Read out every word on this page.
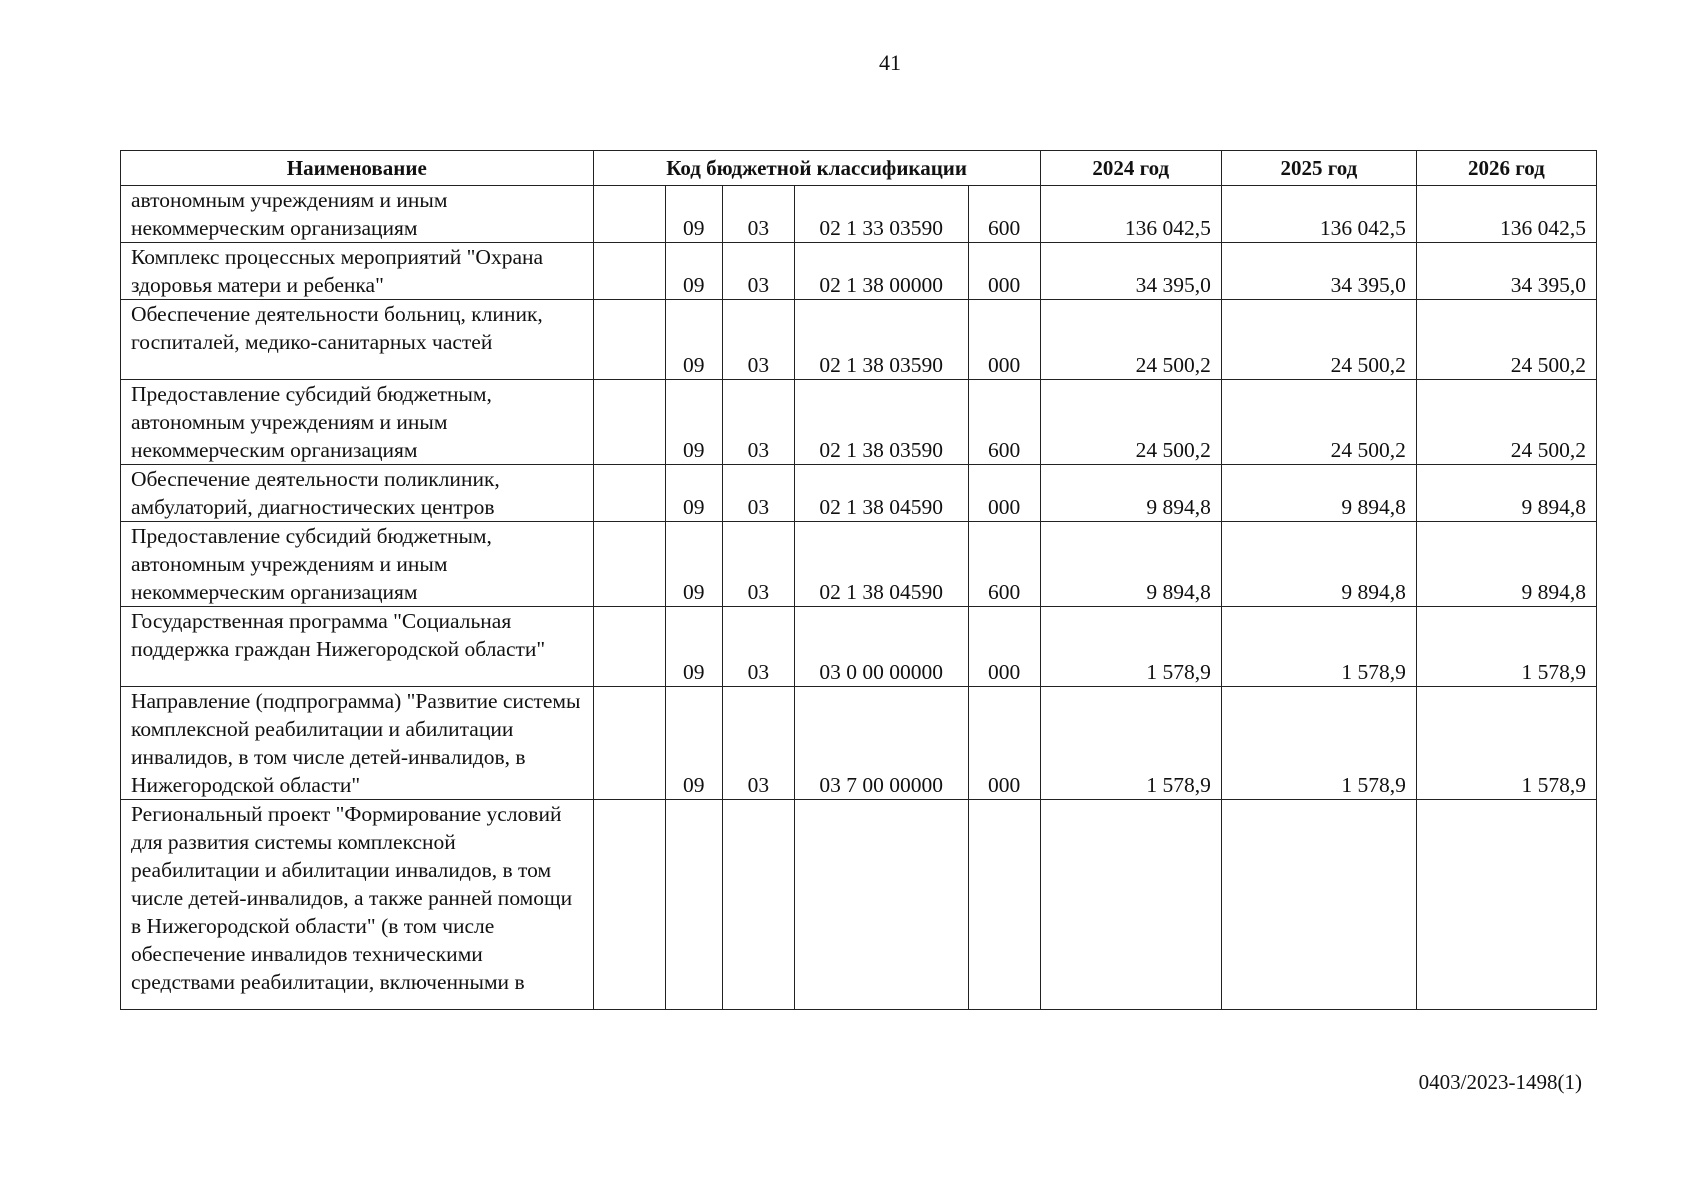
41
Наименование	Код бюджетной классификации					2024 год	2025 год	2026 год
автономным учреждениям и иным некоммерческим организациям		09	03	02 1 33 03590	600	136 042,5	136 042,5	136 042,5
Комплекс процессных мероприятий "Охрана здоровья матери и ребенка"		09	03	02 1 38 00000	000	34 395,0	34 395,0	34 395,0
Обеспечение деятельности больниц, клиник, госпиталей, медико-санитарных частей		09	03	02 1 38 03590	000	24 500,2	24 500,2	24 500,2
Предоставление субсидий бюджетным, автономным учреждениям и иным некоммерческим организациям		09	03	02 1 38 03590	600	24 500,2	24 500,2	24 500,2
Обеспечение деятельности поликлиник, амбулаторий, диагностических центров		09	03	02 1 38 04590	000	9 894,8	9 894,8	9 894,8
Предоставление субсидий бюджетным, автономным учреждениям и иным некоммерческим организациям		09	03	02 1 38 04590	600	9 894,8	9 894,8	9 894,8
Государственная программа "Социальная поддержка граждан Нижегородской области"		09	03	03 0 00 00000	000	1 578,9	1 578,9	1 578,9
Направление (подпрограмма) "Развитие системы комплексной реабилитации и абилитации инвалидов, в том числе детей-инвалидов, в Нижегородской области"		09	03	03 7 00 00000	000	1 578,9	1 578,9	1 578,9
Региональный проект "Формирование условий для развития системы комплексной реабилитации и абилитации инвалидов, в том числе детей-инвалидов, а также ранней помощи в Нижегородской области" (в том числе обеспечение инвалидов техническими средствами реабилитации, включенными в								
0403/2023-1498(1)
